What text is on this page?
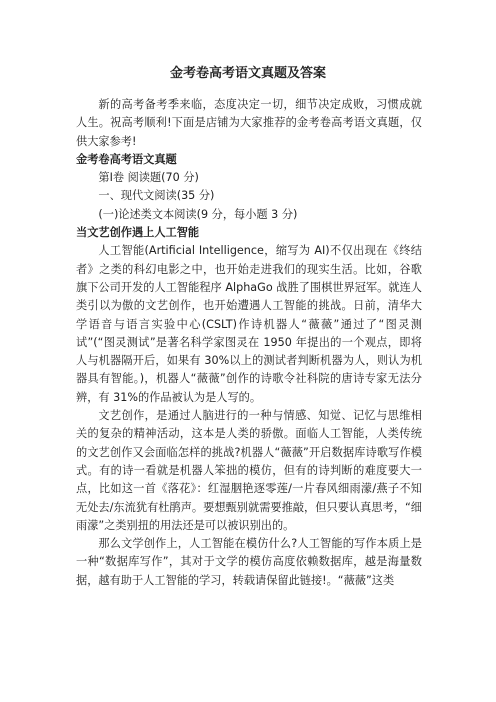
金考卷高考语文真题及答案

新的高考备考季来临，态度决定一切，细节决定成败，习惯成就人生。祝高考顺利!下面是店铺为大家推荐的金考卷高考语文真题，仅供大家参考!

金考卷高考语文真题

第Ⅰ卷 阅读题(70 分)

一、现代文阅读(35 分)

(一)论述类文本阅读(9 分，每小题 3 分)

当文艺创作遇上人工智能

人工智能(Artificial Intelligence，缩写为 AI)不仅出现在《终结者》之类的科幻电影之中，也开始走进我们的现实生活。比如，谷歌旗下公司开发的人工智能程序 AlphaGo 战胜了围棋世界冠军。就连人类引以为傲的文艺创作，也开始遭遇人工智能的挑战。日前，清华大学语音与语言实验中心(CSLT)作诗机器人“薇薇”通过了“图灵测试”(“图灵测试”是著名科学家图灵在 1950 年提出的一个观点，即将人与机器隔开后，如果有 30%以上的测试者判断机器为人，则认为机器具有智能。)，机器人“薇薇”创作的诗歌令社科院的唐诗专家无法分辨，有 31%的作品被认为是人写的。

文艺创作，是通过人脑进行的一种与情感、知觉、记忆与思维相关的复杂的精神活动，这本是人类的骄傲。面临人工智能，人类传统的文艺创作又会面临怎样的挑战?机器人“薇薇”开启数据库诗歌写作模式。有的诗一看就是机器人笨拙的模仿，但有的诗判断的难度要大一点，比如这一首《落花》：红湿胭艳逐零莲/一片春风细雨濛/燕子不知无处去/东流犹有杜鹃声。要想甄别就需要推敲，但只要认真思考，“细雨濛”之类别扭的用法还是可以被识别出的。

那么文学创作上，人工智能在模仿什么?人工智能的写作本质上是一种“数据库写作”，其对于文学的模仿高度依赖数据库，越是海量数据，越有助于人工智能的学习，转载请保留此链接!。“薇薇”这类
